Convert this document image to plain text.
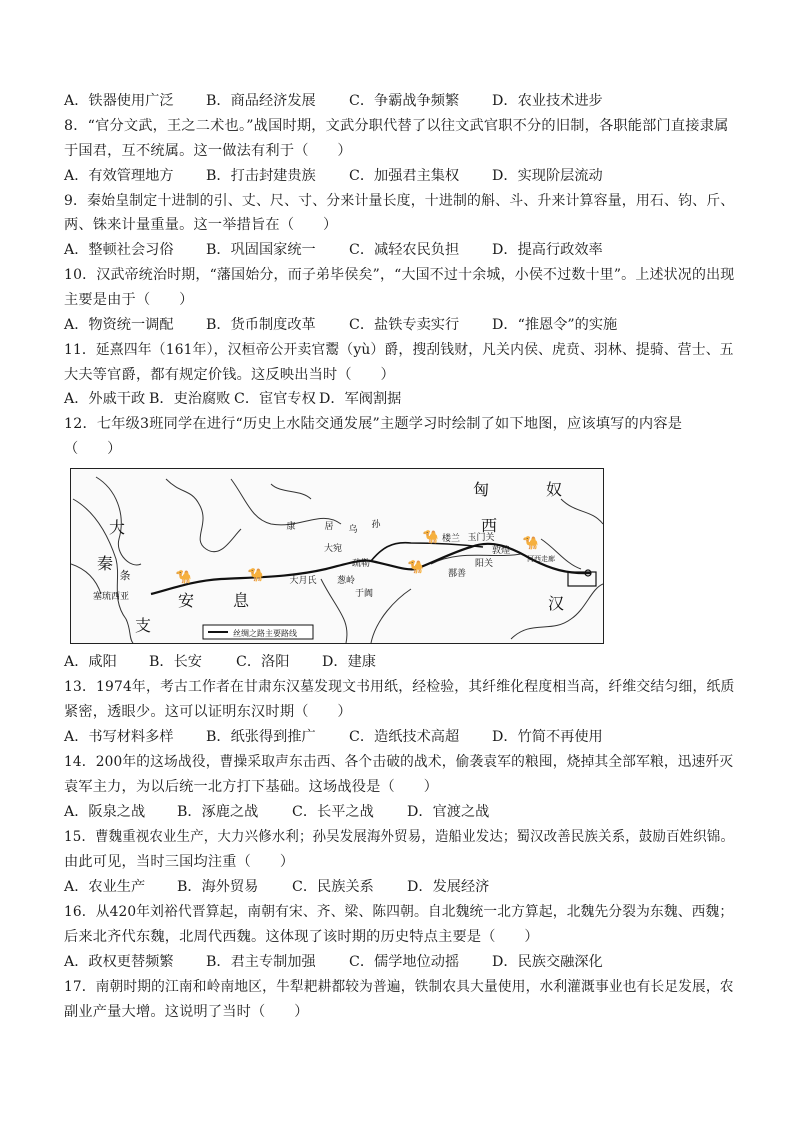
A．铁器使用广泛 B．商品经济发展 C．争霸战争频繁 D．农业技术进步
8．“官分文武，王之二术也。”战国时期，文武分职代替了以往文武官职不分的旧制，各职能部门直接隶属
于国君，互不统属。这一做法有利于（　　）
A．有效管理地方 B．打击封建贵族 C．加强君主集权 D．实现阶层流动
9．秦始皇制定十进制的引、丈、尺、寸、分来计量长度，十进制的斛、斗、升来计算容量，用石、钧、斤、
两、铢来计量重量。这一举措旨在（　　）
A．整顿社会习俗 B．巩固国家统一 C．减轻农民负担 D．提高行政效率
10．汉武帝统治时期，“藩国始分，而子弟毕侯矣”，“大国不过十余城，小侯不过数十里”。上述状况的出现
主要是由于（　　）
A．物资统一调配 B．货币制度改革 C．盐铁专卖实行 D．“推恩令”的实施
11．延熹四年（161年），汉桓帝公开卖官鬻（yù）爵，搜刮钱财，凡关内侯、虎贲、羽林、提骑、营士、五
大夫等官爵，都有规定价钱。这反映出当时（　　）
A．外戚干政 B．吏治腐败 C．宦官专权 D．军阀割据
12．七年级3班同学在进行“历史上水陆交通发展”主题学习时绘制了如下地图，应该填写的内容是
（　　）
🐪	🐪
🐪
🐪	🐪
匈	奴
西
汉
大
秦
安 息
支
条
康	居 乌 孙
大宛
疏勒
葱岭
大月氏
楼兰 玉门关
敦煌
河西走廊
阳关
鄯善
于阗
塞琉西亚
丝绸之路主要路线
A．咸阳 B．长安 C．洛阳 D．建康
13．1974年，考古工作者在甘肃东汉墓发现文书用纸，经检验，其纤维化程度相当高，纤维交结匀细，纸质
紧密，透眼少。这可以证明东汉时期（　　）
A．书写材料多样 B．纸张得到推广 C．造纸技术高超 D．竹简不再使用
14．200年的这场战役，曹操采取声东击西、各个击破的战术，偷袭袁军的粮囤，烧掉其全部军粮，迅速歼灭
袁军主力，为以后统一北方打下基础。这场战役是（　　）
A．阪泉之战 B．涿鹿之战 C．长平之战 D．官渡之战
15．曹魏重视农业生产，大力兴修水利；孙吴发展海外贸易，造船业发达；蜀汉改善民族关系，鼓励百姓织锦。
由此可见，当时三国均注重（　　）
A．农业生产 B．海外贸易 C．民族关系 D．发展经济
16．从420年刘裕代晋算起，南朝有宋、齐、梁、陈四朝。自北魏统一北方算起，北魏先分裂为东魏、西魏；
后来北齐代东魏，北周代西魏。这体现了该时期的历史特点主要是（　　）
A．政权更替频繁 B．君主专制加强 C．儒学地位动摇 D．民族交融深化
17．南朝时期的江南和岭南地区，牛犁耙耕都较为普遍，铁制农具大量使用，水利灌溉事业也有长足发展，农
副业产量大增。这说明了当时（　　）
